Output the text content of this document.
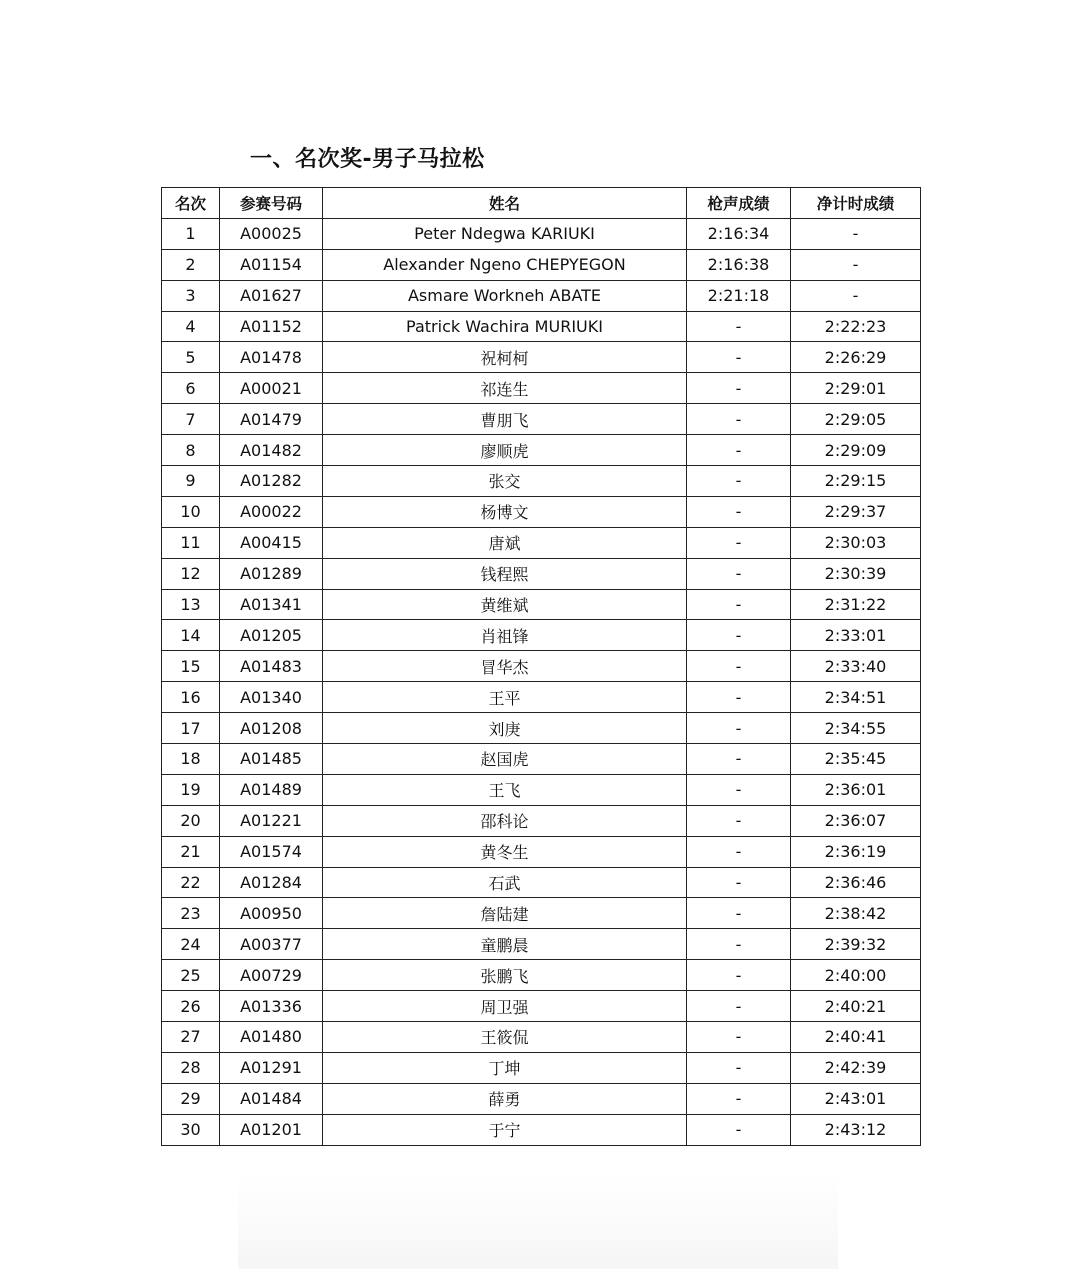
一、名次奖-男子马拉松
名次	参赛号码	姓名	枪声成绩	净计时成绩
1	A00025	Peter Ndegwa KARIUKI	2:16:34	-
2	A01154	Alexander Ngeno CHEPYEGON	2:16:38	-
3	A01627	Asmare Workneh ABATE	2:21:18	-
4	A01152	Patrick Wachira MURIUKI	-	2:22:23
5	A01478	祝柯柯	-	2:26:29
6	A00021	祁连生	-	2:29:01
7	A01479	曹朋飞	-	2:29:05
8	A01482	廖顺虎	-	2:29:09
9	A01282	张交	-	2:29:15
10	A00022	杨博文	-	2:29:37
11	A00415	唐斌	-	2:30:03
12	A01289	钱程熙	-	2:30:39
13	A01341	黄维斌	-	2:31:22
14	A01205	肖祖锋	-	2:33:01
15	A01483	冒华杰	-	2:33:40
16	A01340	王平	-	2:34:51
17	A01208	刘庚	-	2:34:55
18	A01485	赵国虎	-	2:35:45
19	A01489	王飞	-	2:36:01
20	A01221	邵科论	-	2:36:07
21	A01574	黄冬生	-	2:36:19
22	A01284	石武	-	2:36:46
23	A00950	詹陆建	-	2:38:42
24	A00377	童鹏晨	-	2:39:32
25	A00729	张鹏飞	-	2:40:00
26	A01336	周卫强	-	2:40:21
27	A01480	王筱侃	-	2:40:41
28	A01291	丁坤	-	2:42:39
29	A01484	薛勇	-	2:43:01
30	A01201	于宁	-	2:43:12
